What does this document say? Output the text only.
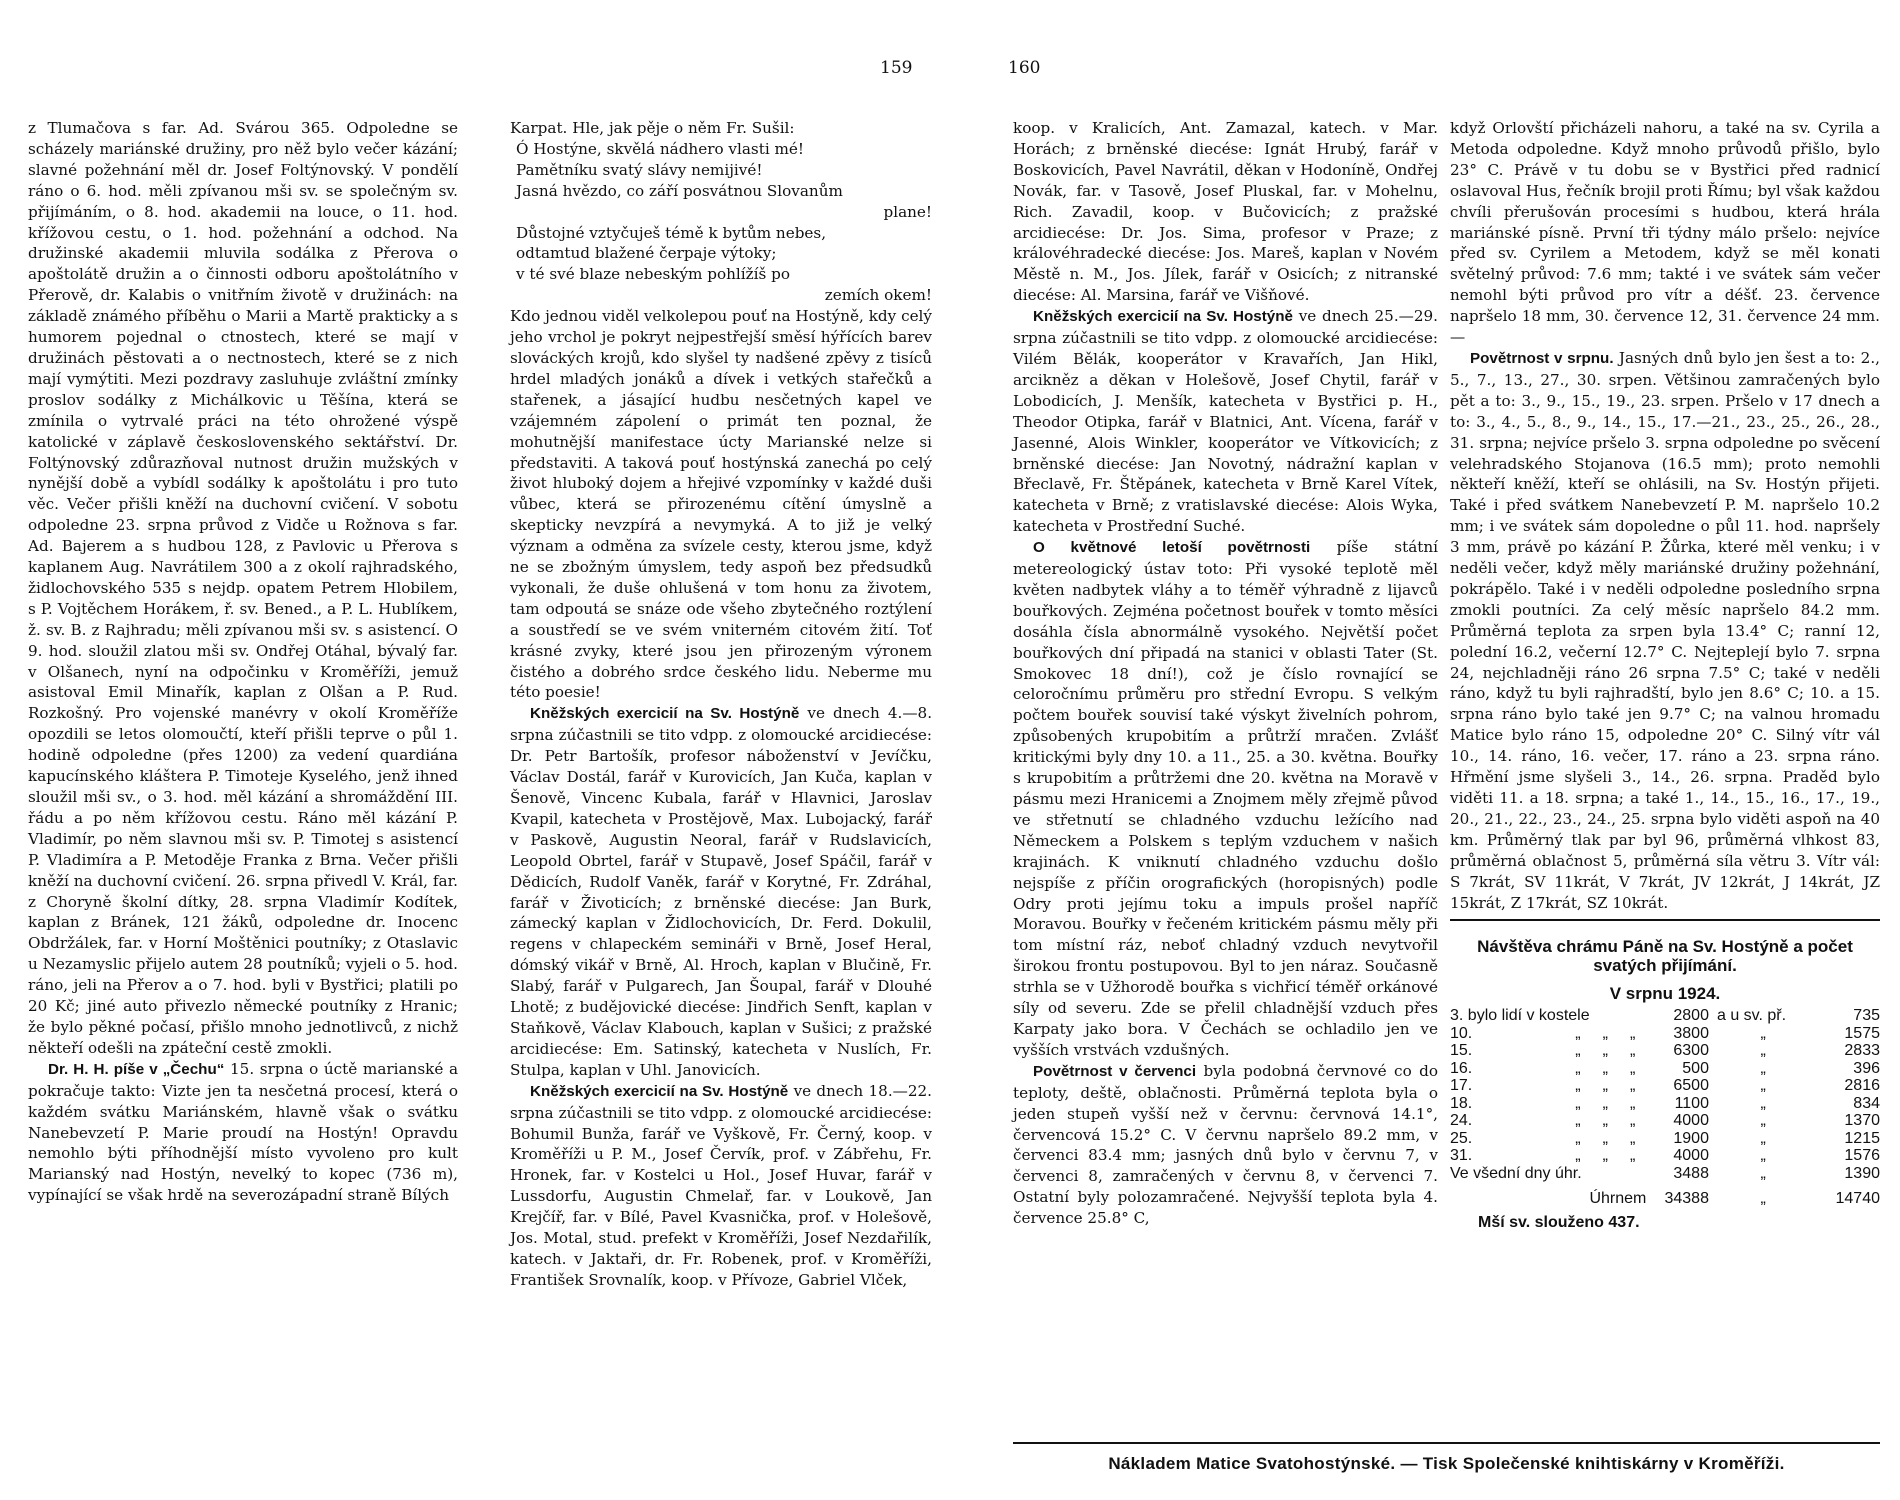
159	160

z Tlumačova s far. Ad. Svárou 365. Odpoledne se scházely mariánské družiny, pro něž bylo večer kázání; slavné požehnání měl dr. Josef Foltýnovský. V pondělí ráno o 6. hod. měli zpívanou mši sv. se společným sv. přijímáním, o 8. hod. akademii na louce, o 11. hod. křížovou cestu, o 1. hod. požehnání a odchod. Na družinské akademii mluvila sodálka z Přerova o apoštolátě družin a o činnosti odboru apoštolátního v Přerově, dr. Kalabis o vnitřním životě v družinách: na základě známého příběhu o Marii a Martě prakticky a s humorem pojednal o ctnostech, které se mají v družinách pěstovati a o nectnostech, které se z nich mají vymýtiti. Mezi pozdravy zasluhuje zvláštní zmínky proslov sodálky z Michálkovic u Těšína, která se zmínila o vytrvalé práci na této ohrožené výspě katolické v záplavě československého sektářství. Dr. Foltýnovský zdůrazňoval nutnost družin mužských v nynější době a vybídl sodálky k apoštolátu i pro tuto věc. Večer přišli kněží na duchovní cvičení. V sobotu odpoledne 23. srpna průvod z Vidče u Rožnova s far. Ad. Bajerem a s hudbou 128, z Pavlovic u Přerova s kaplanem Aug. Navrátilem 300 a z okolí rajhradského, židlochovského 535 s nejdp. opatem Petrem Hlobilem, s P. Vojtěchem Horákem, ř. sv. Bened., a P. L. Hublíkem, ž. sv. B. z Rajhradu; měli zpívanou mši sv. s asistencí. O 9. hod. sloužil zlatou mši sv. Ondřej Otáhal, bývalý far. v Olšanech, nyní na odpočinku v Kroměříži, jemuž asistoval Emil Minařík, kaplan z Olšan a P. Rud. Rozkošný. Pro vojenské manévry v okolí Kroměříže opozdili se letos olomoučtí, kteří přišli teprve o půl 1. hodině odpoledne (přes 1200) za vedení quardiána kapucínského kláštera P. Timoteje Kyselého, jenž ihned sloužil mši sv., o 3. hod. měl kázání a shromáždění III. řádu a po něm křížovou cestu. Ráno měl kázání P. Vladimír, po něm slavnou mši sv. P. Timotej s asistencí P. Vladimíra a P. Metoděje Franka z Brna. Večer přišli kněží na duchovní cvičení. 26. srpna přivedl V. Král, far. z Choryně školní dítky, 28. srpna Vladimír Kodítek, kaplan z Bránek, 121 žáků, odpoledne dr. Inocenc Obdržálek, far. v Horní Moštěnici poutníky; z Otaslavic u Nezamyslic přijelo autem 28 poutníků; vyjeli o 5. hod. ráno, jeli na Přerov a o 7. hod. byli v Bystřici; platili po 20 Kč; jiné auto přivezlo německé poutníky z Hranic; že bylo pěkné počasí, přišlo mnoho jednotlivců, z nichž někteří odešli na zpáteční cestě zmokli.

Dr. H. H. píše v „Čechu“ 15. srpna o úctě marianské a pokračuje takto: Vizte jen ta nesčetná procesí, která o každém svátku Mariánském, hlavně však o svátku Nanebevzetí P. Marie proudí na Hostýn! Opravdu nemohlo býti příhodnější místo vyvoleno pro kult Marianský nad Hostýn, nevelký to kopec (736 m), vypínající se však hrdě na severozápadní straně Bílých

Karpat. Hle, jak pěje o něm Fr. Sušil:

Ó Hostýne, skvělá nádhero vlasti mé!
Pamětníku svatý slávy nemijivé!
Jasná hvězdo, co září posvátnou Slovanům
plane!
Důstojné vztyčuješ témě k bytům nebes,
odtamtud blažené čerpaje výtoky;
v té své blaze nebeským pohlížíš po
zemích okem!

Kdo jednou viděl velkolepou pouť na Hostýně, kdy celý jeho vrchol je pokryt nejpestřejší směsí hýřících barev slováckých krojů, kdo slyšel ty nadšené zpěvy z tisíců hrdel mladých jonáků a dívek i vetkých stařečků a stařenek, a jásající hudbu nesčetných kapel ve vzájemném zápolení o primát ten poznal, že mohutnější manifestace úcty Marianské nelze si představiti. A taková pouť hostýnská zanechá po celý život hluboký dojem a hřejivé vzpomínky v každé duši vůbec, která se přirozenému cítění úmyslně a skepticky nevzpírá a nevymyká. A to již je velký význam a odměna za svízele cesty, kterou jsme, když ne se zbožným úmyslem, tedy aspoň bez předsudků vykonali, že duše ohlušená v tom honu za životem, tam odpoutá se snáze ode všeho zbytečného roztýlení a soustředí se ve svém vniterném citovém žití. Toť krásné zvyky, které jsou jen přirozeným výronem čistého a dobrého srdce českého lidu. Neberme mu této poesie!

Kněžských exercicií na Sv. Hostýně ve dnech 4.—8. srpna zúčastnili se tito vdpp. z olomoucké arcidiecése: Dr. Petr Bartošík, profesor náboženství v Jevíčku, Václav Dostál, farář v Kurovicích, Jan Kuča, kaplan v Šenově, Vincenc Kubala, farář v Hlavnici, Jaroslav Kvapil, katecheta v Prostějově, Max. Lubojacký, farář v Paskově, Augustin Neoral, farář v Rudslavicích, Leopold Obrtel, farář v Stupavě, Josef Spáčil, farář v Dědicích, Rudolf Vaněk, farář v Korytné, Fr. Zdráhal, farář v Životicích; z brněnské diecése: Jan Burk, zámecký kaplan v Židlochovicích, Dr. Ferd. Dokulil, regens v chlapeckém semináři v Brně, Josef Heral, dómský vikář v Brně, Al. Hroch, kaplan v Blučině, Fr. Slabý, farář v Pulgarech, Jan Šoupal, farář v Dlouhé Lhotě; z budějovické diecése: Jindřich Senft, kaplan v Staňkově, Václav Klabouch, kaplan v Sušici; z pražské arcidiecése: Em. Satinský, katecheta v Nuslích, Fr. Stulpa, kaplan v Uhl. Janovicích.

Kněžských exercicií na Sv. Hostýně ve dnech 18.—22. srpna zúčastnili se tito vdpp. z olomoucké arcidiecése: Bohumil Bunža, farář ve Vyškově, Fr. Černý, koop. v Kroměříži u P. M., Josef Červík, prof. v Zábřehu, Fr. Hronek, far. v Kostelci u Hol., Josef Huvar, farář v Lussdorfu, Augustin Chmelař, far. v Loukově, Jan Krejčíř, far. v Bílé, Pavel Kvasnička, prof. v Holešově, Jos. Motal, stud. prefekt v Kroměříži, Josef Nezdařilík, katech. v Jaktaři, dr. Fr. Robenek, prof. v Kroměříži, František Srovnalík, koop. v Přívoze, Gabriel Vlček,

koop. v Kralicích, Ant. Zamazal, katech. v Mar. Horách; z brněnské diecése: Ignát Hrubý, farář v Boskovicích, Pavel Navrátil, děkan v Hodoníně, Ondřej Novák, far. v Tasově, Josef Pluskal, far. v Mohelnu, Rich. Zavadil, koop. v Bučovicích; z pražské arcidiecése: Dr. Jos. Sima, profesor v Praze; z královéhradecké diecése: Jos. Mareš, kaplan v Novém Městě n. M., Jos. Jílek, farář v Osicích; z nitranské diecése: Al. Marsina, farář ve Višňové.

Kněžských exercicií na Sv. Hostýně ve dnech 25.—29. srpna zúčastnili se tito vdpp. z olomoucké arcidiecése: Vilém Bělák, kooperátor v Kravařích, Jan Hikl, arcikněz a děkan v Holešově, Josef Chytil, farář v Lobodicích, J. Menšík, katecheta v Bystřici p. H., Theodor Otipka, farář v Blatnici, Ant. Vícena, farář v Jasenné, Alois Winkler, kooperátor ve Vítkovicích; z brněnské diecése: Jan Novotný, nádražní kaplan v Břeclavě, Fr. Štěpánek, katecheta v Brně Karel Vítek, katecheta v Brně; z vratislavské diecése: Alois Wyka, katecheta v Prostřední Suché.

O květnové letoší povětrnosti píše státní metereologický ústav toto: Při vysoké teplotě měl květen nadbytek vláhy a to téměř výhradně z lijavců bouřkových. Zejména početnost bouřek v tomto měsíci dosáhla čísla abnormálně vysokého. Největší počet bouřkových dní připadá na stanici v oblasti Tater (St. Smokovec 18 dní!), což je číslo rovnající se celoročnímu průměru pro střední Evropu. S velkým počtem bouřek souvisí také výskyt živelních pohrom, způsobených krupobitím a průtrží mračen. Zvlášť kritickými byly dny 10. a 11., 25. a 30. května. Bouřky s krupobitím a průtržemi dne 20. května na Moravě v pásmu mezi Hranicemi a Znojmem měly zřejmě původ ve střetnutí se chladného vzduchu ležícího nad Německem a Polskem s teplým vzduchem v našich krajinách. K vniknutí chladného vzduchu došlo nejspíše z příčin orografických (horopisných) podle Odry proti jejímu toku a impuls prošel napříč Moravou. Bouřky v řečeném kritickém pásmu měly při tom místní ráz, neboť chladný vzduch nevytvořil širokou frontu postupovou. Byl to jen náraz. Současně strhla se v Užhorodě bouřka s vichřicí téměř orkánové síly od severu. Zde se přelil chladnější vzduch přes Karpaty jako bora. V Čechách se ochladilo jen ve vyšších vrstvách vzdušných.

Povětrnost v červenci byla podobná červnové co do teploty, deště, oblačnosti. Průměrná teplota byla o jeden stupeň vyšší než v červnu: červnová 14.1°, červencová 15.2° C. V červnu napršelo 89.2 mm, v červenci 83.4 mm; jasných dnů bylo v červnu 7, v červenci 8, zamračených v červnu 8, v červenci 7. Ostatní byly polozamračené. Nejvyšší teplota byla 4. července 25.8° C,

když Orlovští přicházeli nahoru, a také na sv. Cyrila a Metoda odpoledne. Když mnoho průvodů přišlo, bylo 23° C. Právě v tu dobu se v Bystřici před radnicí oslavoval Hus, řečník brojil proti Římu; byl však každou chvíli přerušován procesími s hudbou, která hrála mariánské písně. První tři týdny málo pršelo: nejvíce před sv. Cyrilem a Metodem, když se měl konati světelný průvod: 7.6 mm; takté i ve svátek sám večer nemohl býti průvod pro vítr a déšť. 23. července napršelo 18 mm, 30. července 12, 31. července 24 mm. —

Povětrnost v srpnu. Jasných dnů bylo jen šest a to: 2., 5., 7., 13., 27., 30. srpen. Většinou zamračených bylo pět a to: 3., 9., 15., 19., 23. srpen. Pršelo v 17 dnech a to: 3., 4., 5., 8., 9., 14., 15., 17.—21., 23., 25., 26., 28., 31. srpna; nejvíce pršelo 3. srpna odpoledne po svěcení velehradského Stojanova (16.5 mm); proto nemohli někteří kněží, kteří se ohlásili, na Sv. Hostýn přijeti. Také i před svátkem Nanebevzetí P. M. napršelo 10.2 mm; i ve svátek sám dopoledne o půl 11. hod. napršely 3 mm, právě po kázání P. Žůrka, které měl venku; i v neděli večer, když měly mariánské družiny požehnání, pokrápělo. Také i v neděli odpoledne posledního srpna zmokli poutníci. Za celý měsíc napršelo 84.2 mm. Průměrná teplota za srpen byla 13.4° C; ranní 12, polední 16.2, večerní 12.7° C. Nejteplejí bylo 7. srpna 24, nejchladněji ráno 26 srpna 7.5° C; také v neděli ráno, když tu byli rajhradští, bylo jen 8.6° C; 10. a 15. srpna ráno bylo také jen 9.7° C; na valnou hromadu Matice bylo ráno 15, odpoledne 20° C. Silný vítr vál 10., 14. ráno, 16. večer, 17. ráno a 23. srpna ráno. Hřmění jsme slyšeli 3., 14., 26. srpna. Praděd bylo viděti 11. a 18. srpna; a také 1., 14., 15., 16., 17., 19., 20., 21., 22., 23., 24., 25. srpna bylo viděti aspoň na 40 km. Průměrný tlak par byl 96, průměrná vlhkost 83, průměrná oblačnost 5, průměrná síla větru 3. Vítr vál: S 7krát, SV 11krát, V 7krát, JV 12krát, J 14krát, JZ 15krát, Z 17krát, SZ 10krát.

Návštěva chrámu Páně na Sv. Hostýně a počet svatých přijímání.
V srpnu 1924.
3. bylo lidí v kostele				2800	a u sv. př.	735
10.	„	„	„	3800	„	1575
15.	„	„	„	6300	„	2833
16.	„	„	„	500	„	396
17.	„	„	„	6500	„	2816
18.	„	„	„	1100	„	834
24.	„	„	„	4000	„	1370
25.	„	„	„	1900	„	1215
31.	„	„	„	4000	„	1576
Ve všední dny úhr.				3488	„	1390
Úhrnem				34388	„	14740
Mší sv. slouženo 437.
Nákladem Matice Svatohostýnské. — Tisk Společenské knihtiskárny v Kroměříži.
